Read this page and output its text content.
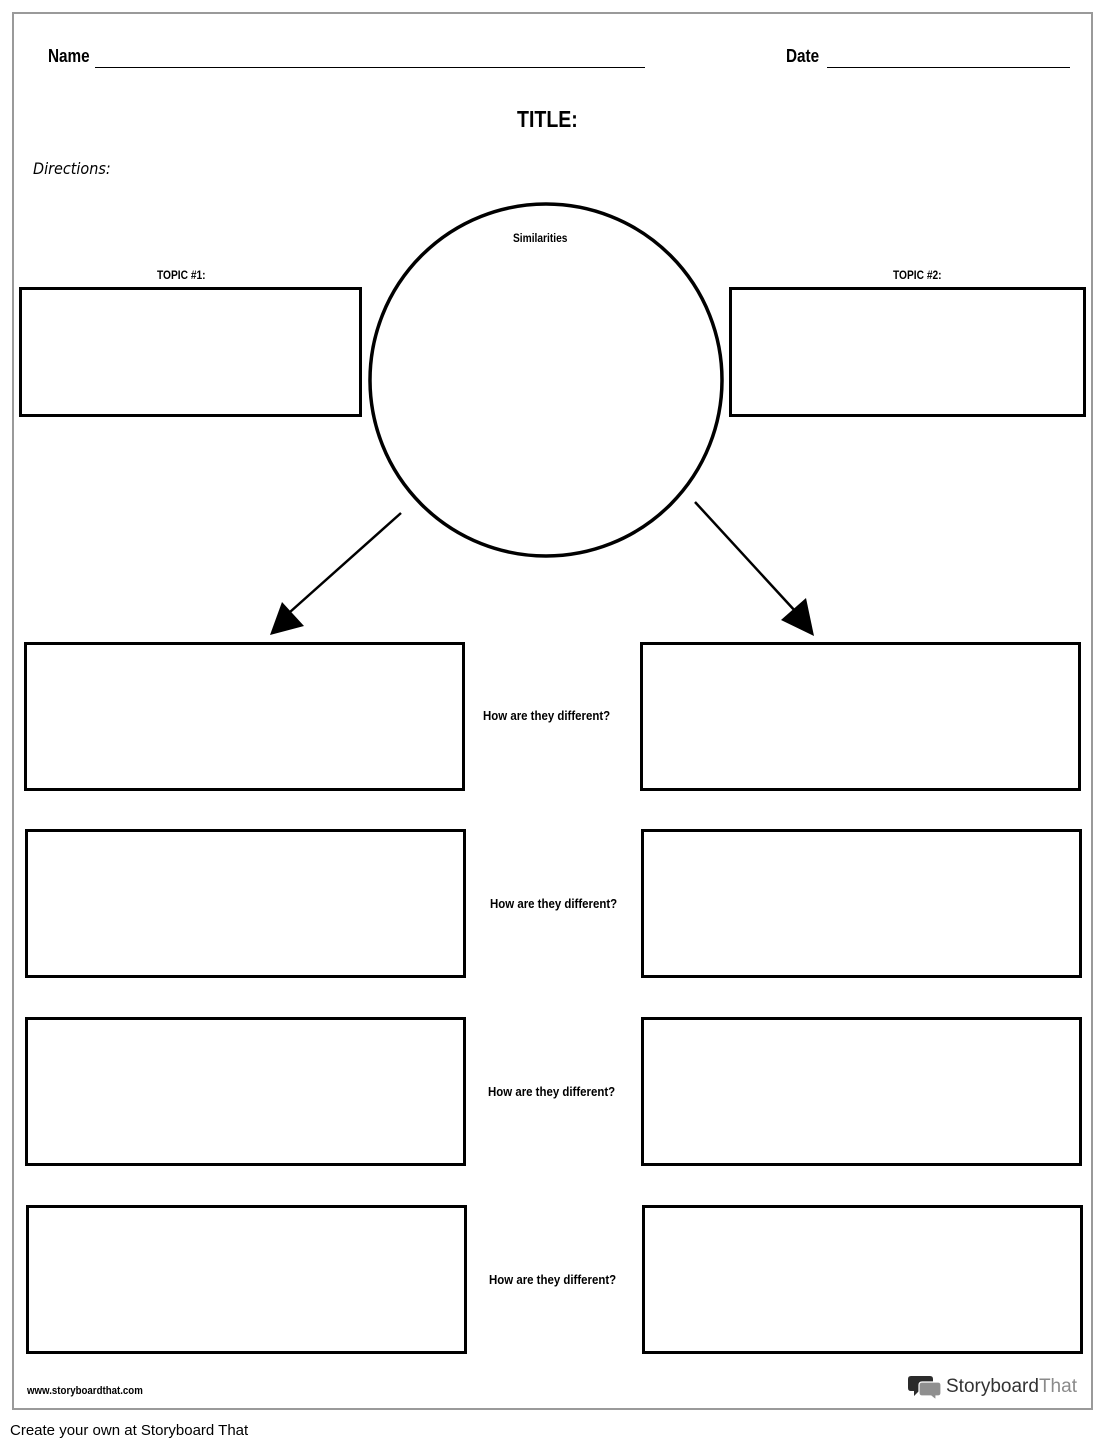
Name	Date
TITLE:
Directions:
Similarities
TOPIC #1:	TOPIC #2:
How are they different?
How are they different?
How are they different?
How are they different?
www.storyboardthat.com	StoryboardThat
Create your own at Storyboard That
